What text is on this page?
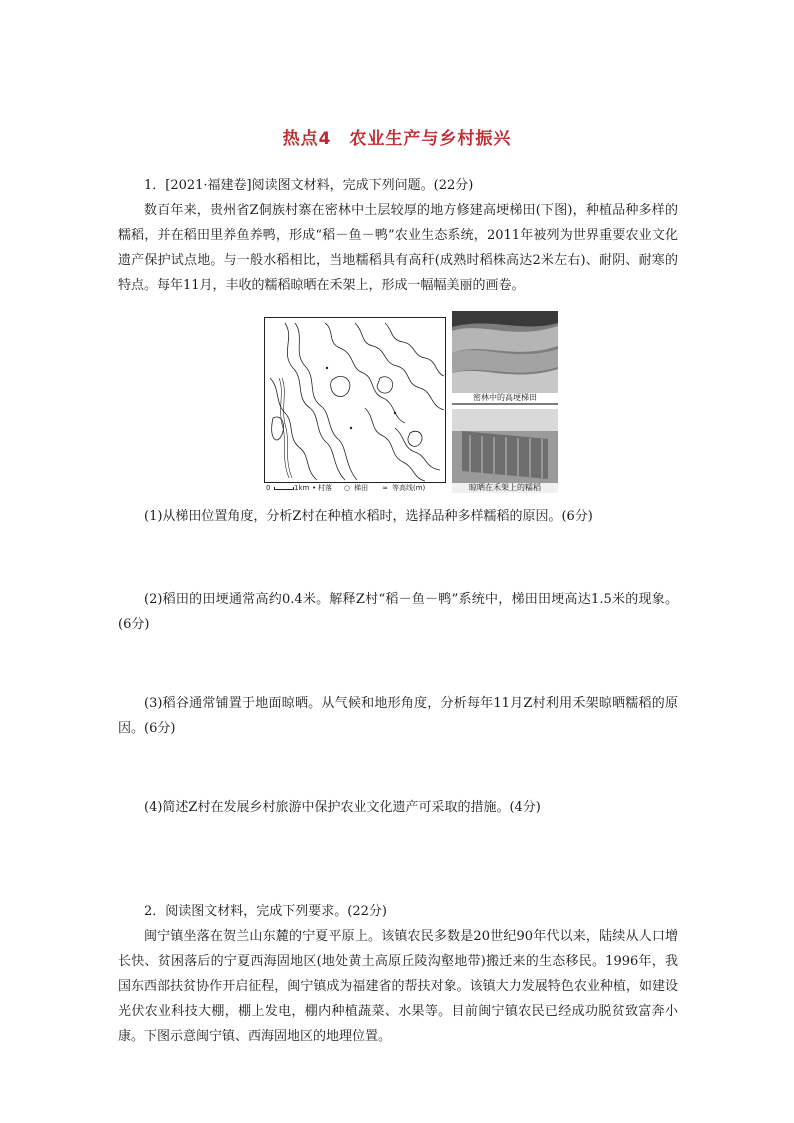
热点4　农业生产与乡村振兴

1．[2021·福建卷]阅读图文材料，完成下列问题。(22分)

数百年来，贵州省Z侗族村寨在密林中土层较厚的地方修建高埂梯田(下图)，种植品种多样的糯稻，并在稻田里养鱼养鸭，形成“稻－鱼－鸭”农业生态系统，2011年被列为世界重要农业文化遗产保护试点地。与一般水稻相比，当地糯稻具有高秆(成熟时稻株高达2米左右)、耐阴、耐寒的特点。每年11月，丰收的糯稻晾晒在禾架上，形成一幅幅美丽的画卷。

密林中的高埂梯田
晾晒在禾架上的糯稻
0	1km • 村落 ○ 梯田 ≈ 等高线(m)

(1)从梯田位置角度，分析Z村在种植水稻时，选择品种多样糯稻的原因。(6分)

(2)稻田的田埂通常高约0.4米。解释Z村“稻－鱼－鸭”系统中，梯田田埂高达1.5米的现象。(6分)

(3)稻谷通常铺置于地面晾晒。从气候和地形角度，分析每年11月Z村利用禾架晾晒糯稻的原因。(6分)

(4)简述Z村在发展乡村旅游中保护农业文化遗产可采取的措施。(4分)

2．阅读图文材料，完成下列要求。(22分)

闽宁镇坐落在贺兰山东麓的宁夏平原上。该镇农民多数是20世纪90年代以来，陆续从人口增长快、贫困落后的宁夏西海固地区(地处黄土高原丘陵沟壑地带)搬迁来的生态移民。1996年，我国东西部扶贫协作开启征程，闽宁镇成为福建省的帮扶对象。该镇大力发展特色农业种植，如建设光伏农业科技大棚，棚上发电，棚内种植蔬菜、水果等。目前闽宁镇农民已经成功脱贫致富奔小康。下图示意闽宁镇、西海固地区的地理位置。
